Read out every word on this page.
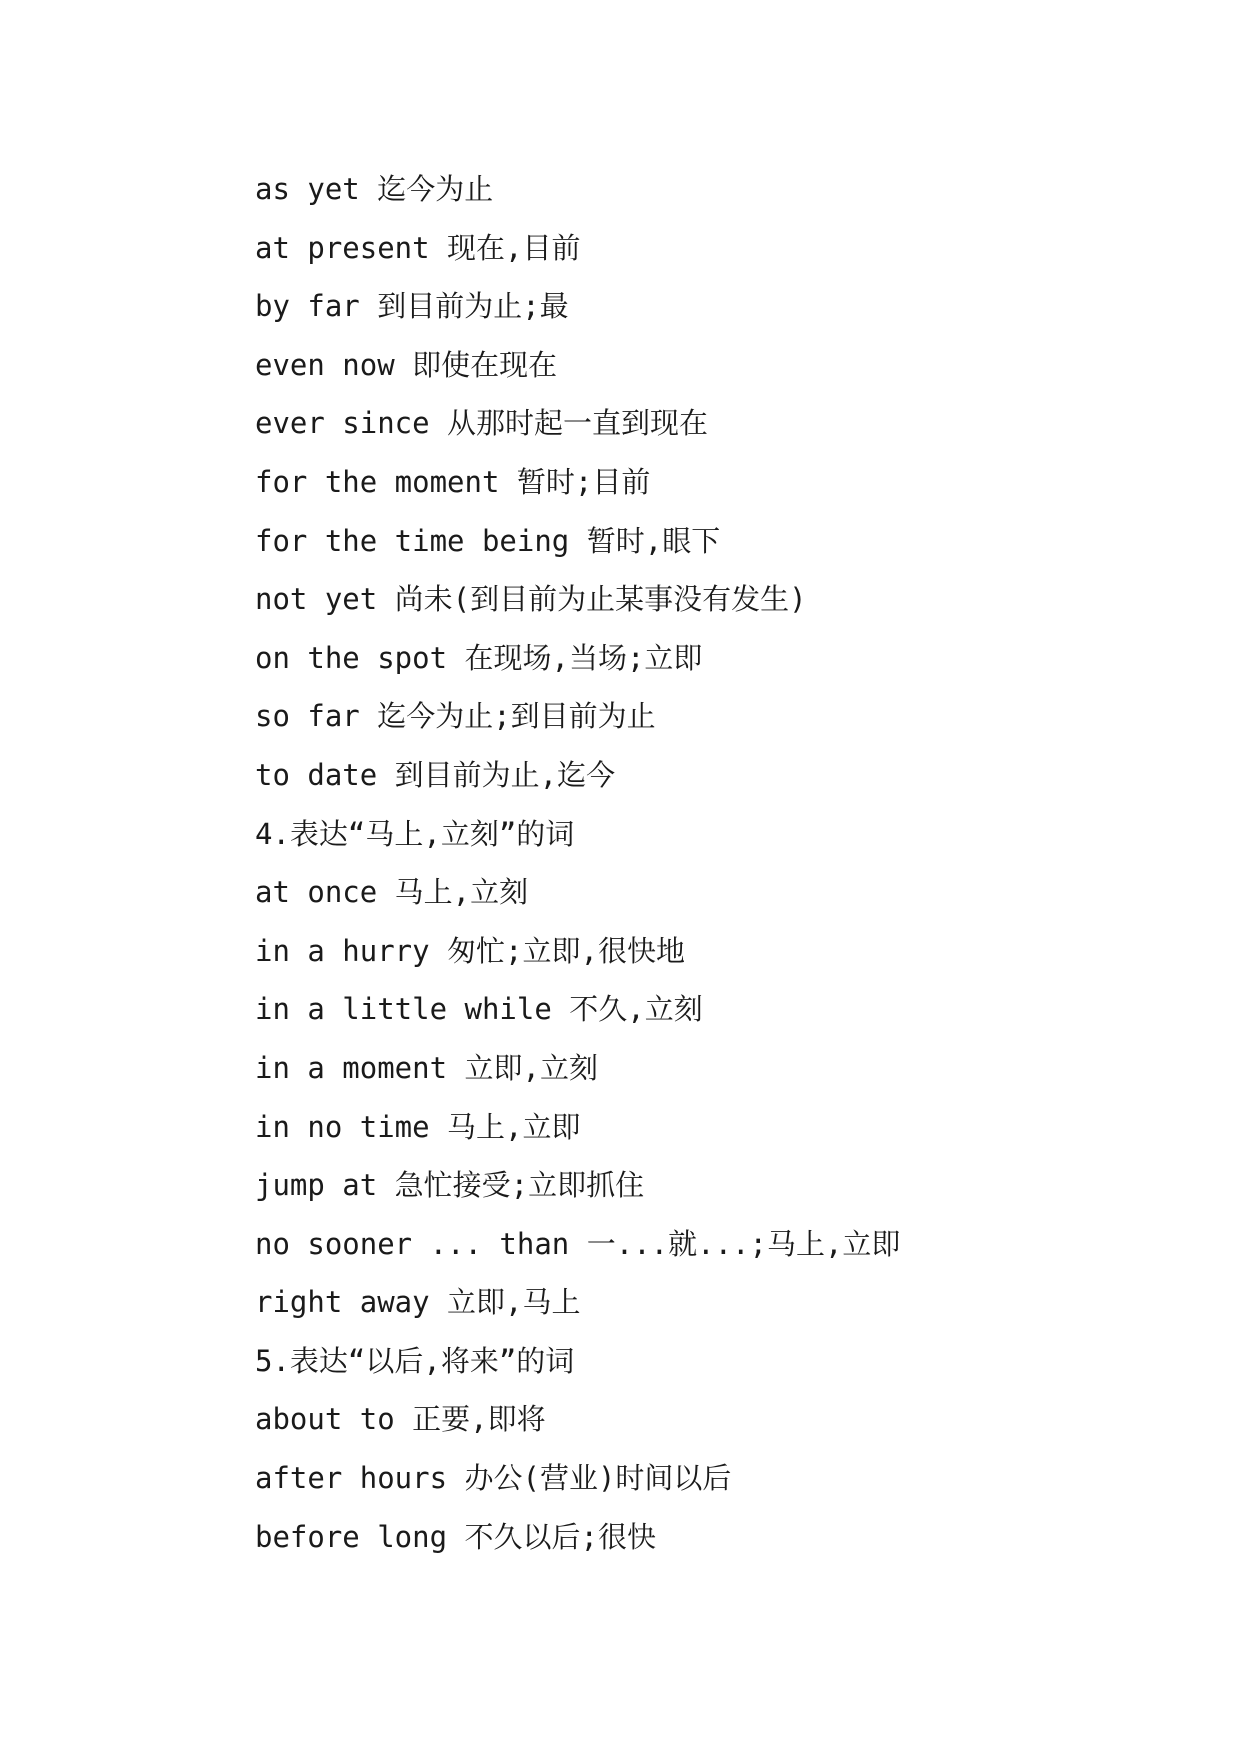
as yet 迄今为止
at present 现在,目前
by far 到目前为止;最
even now 即使在现在
ever since 从那时起一直到现在
for the moment 暂时;目前
for the time being 暂时,眼下
not yet 尚未(到目前为止某事没有发生)
on the spot 在现场,当场;立即
so far 迄今为止;到目前为止
to date 到目前为止,迄今
4.表达“马上,立刻”的词
at once 马上,立刻
in a hurry 匆忙;立即,很快地
in a little while 不久,立刻
in a moment 立即,立刻
in no time 马上,立即
jump at 急忙接受;立即抓住
no sooner ... than 一...就...;马上,立即
right away 立即,马上
5.表达“以后,将来”的词
about to 正要,即将
after hours 办公(营业)时间以后
before long 不久以后;很快
